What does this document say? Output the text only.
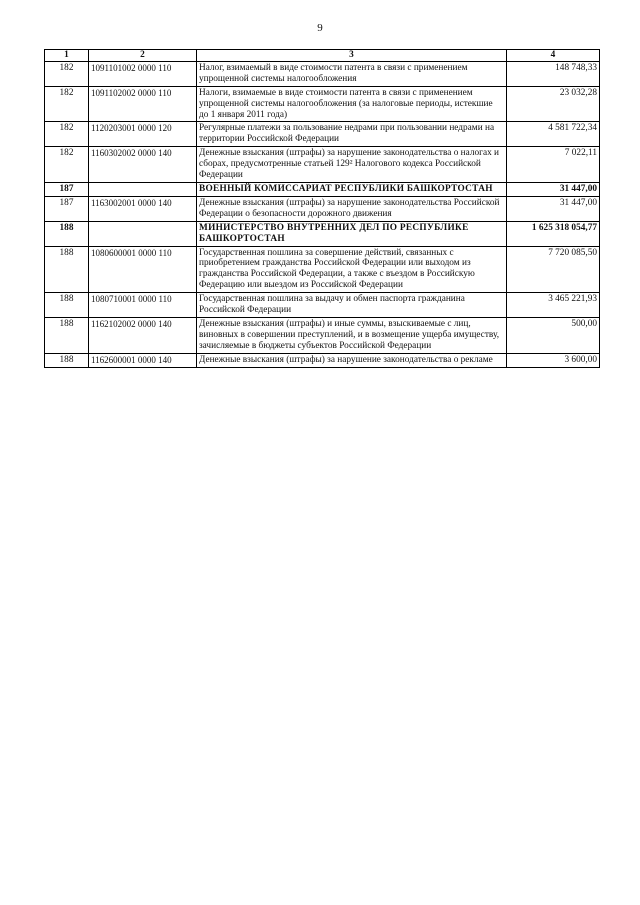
9
1	2	3	4
182	1091101002 0000 110	Налог, взимаемый в виде стоимости патента в связи с применением упрощенной системы налогообложения	148 748,33
182	1091102002 0000 110	Налоги, взимаемые в виде стоимости патента в связи с применением упрощенной системы налогообложения (за налоговые периоды, истекшие до 1 января 2011 года)	23 032,28
182	1120203001 0000 120	Регулярные платежи за пользование недрами при пользовании недрами на территории Российской Федерации	4 581 722,34
182	1160302002 0000 140	Денежные взыскания (штрафы) за нарушение законодательства о налогах и сборах, предусмотренные статьей 129² Налогового кодекса Российской Федерации	7 022,11
187		ВОЕННЫЙ КОМИССАРИАТ РЕСПУБЛИКИ БАШКОРТОСТАН	31 447,00
187	1163002001 0000 140	Денежные взыскания (штрафы) за нарушение законодательства Российской Федерации о безопасности дорожного движения	31 447,00
188		МИНИСТЕРСТВО ВНУТРЕННИХ ДЕЛ ПО РЕСПУБЛИКЕ БАШКОРТОСТАН	1 625 318 054,77
188	1080600001 0000 110	Государственная пошлина за совершение действий, связанных с приобретением гражданства Российской Федерации или выходом из гражданства Российской Федерации, а также с въездом в Российскую Федерацию или выездом из Российской Федерации	7 720 085,50
188	1080710001 0000 110	Государственная пошлина за выдачу и обмен паспорта гражданина Российской Федерации	3 465 221,93
188	1162102002 0000 140	Денежные взыскания (штрафы) и иные суммы, взыскиваемые с лиц, виновных в совершении преступлений, и в возмещение ущерба имуществу, зачисляемые в бюджеты субъектов Российской Федерации	500,00
188	1162600001 0000 140	Денежные взыскания (штрафы) за нарушение законодательства о рекламе	3 600,00
